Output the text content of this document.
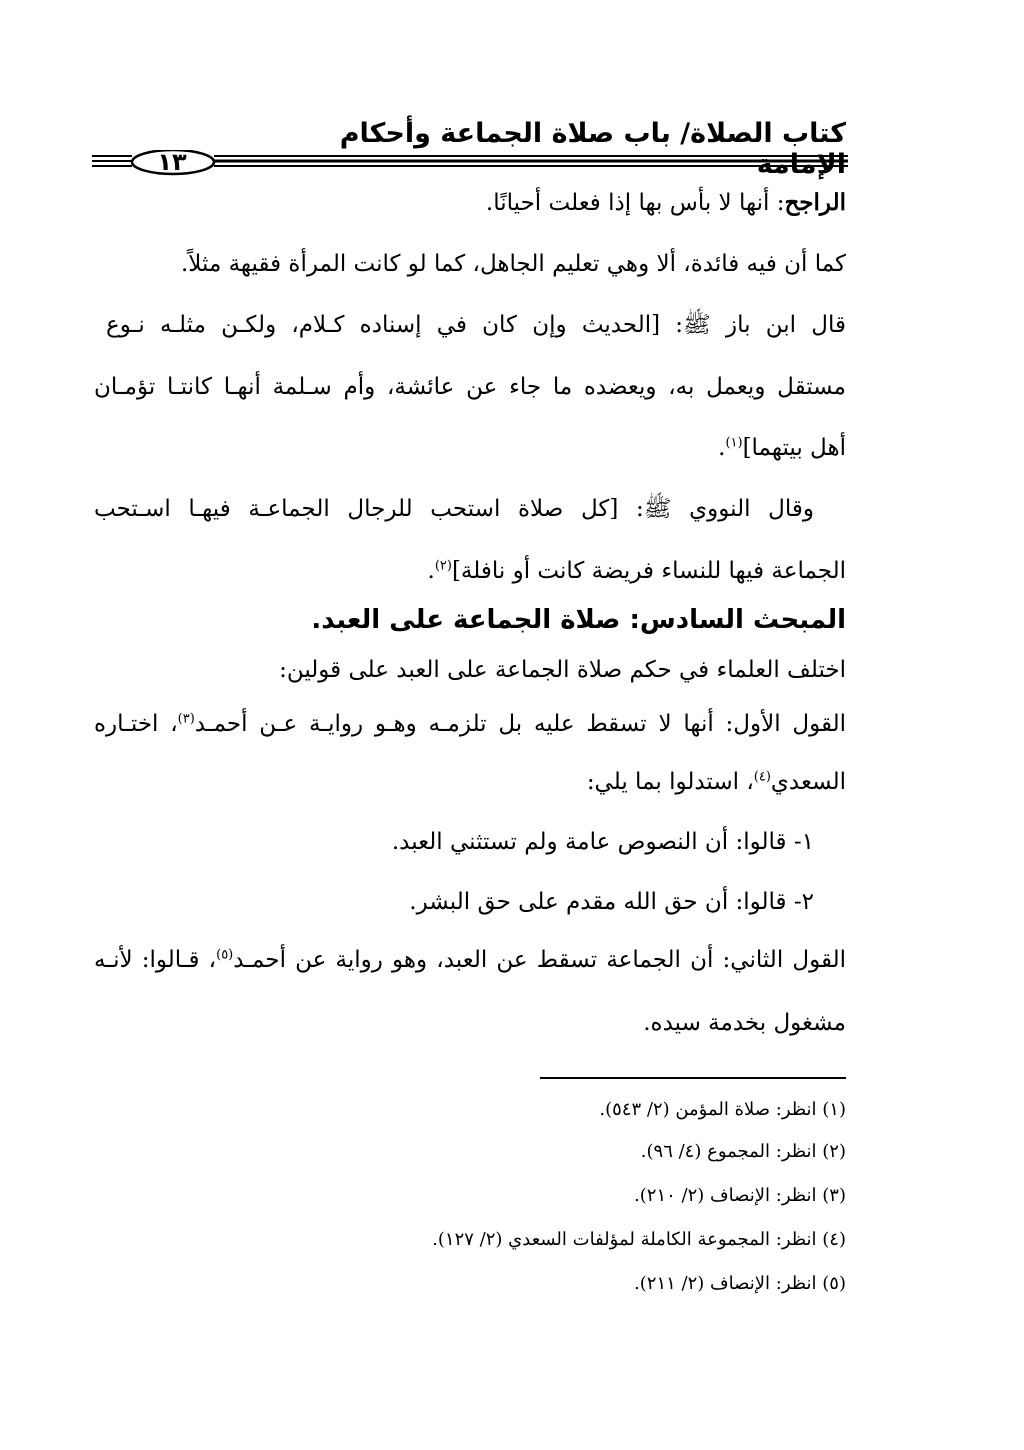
كتاب الصلاة/ باب صلاة الجماعة وأحكام الإمامة
١٣

الراجح: أنها لا بأس بها إذا فعلت أحيانًا.

كما أن فيه فائدة، ألا وهي تعليم الجاهل، كما لو كانت المرأة فقيهة مثلاً.

قال ابن باز ﷺ: [الحديث وإن كان في إسناده كـلام، ولكـن مثلـه نـوع

مستقل ويعمل به، ويعضده ما جاء عن عائشة، وأم سـلمة أنهـا كانتـا تؤمـان

أهل بيتهما]$^{(١)}$.

وقال النووي ﷺ: [كل صلاة استحب للرجال الجماعـة فيهـا اسـتحب

الجماعة فيها للنساء فريضة كانت أو نافلة]$^{(٢)}$.

المبحث السادس: صلاة الجماعة على العبد.

اختلف العلماء في حكم صلاة الجماعة على العبد على قولين:

القول الأول: أنها لا تسقط عليه بل تلزمـه وهـو روايـة عـن أحمـد$^{(٣)}$، اختـاره

السعدي$^{(٤)}$، استدلوا بما يلي:

١- قالوا: أن النصوص عامة ولم تستثني العبد.

٢- قالوا: أن حق الله مقدم على حق البشر.

القول الثاني: أن الجماعة تسقط عن العبد، وهو رواية عن أحمـد$^{(٥)}$، قـالوا: لأنـه

مشغول بخدمة سيده.

(١) انظر: صلاة المؤمن (٢/ ٥٤٣).

(٢) انظر: المجموع (٤/ ٩٦).

(٣) انظر: الإنصاف (٢/ ٢١٠).

(٤) انظر: المجموعة الكاملة لمؤلفات السعدي (٢/ ١٢٧).

(٥) انظر: الإنصاف (٢/ ٢١١).
